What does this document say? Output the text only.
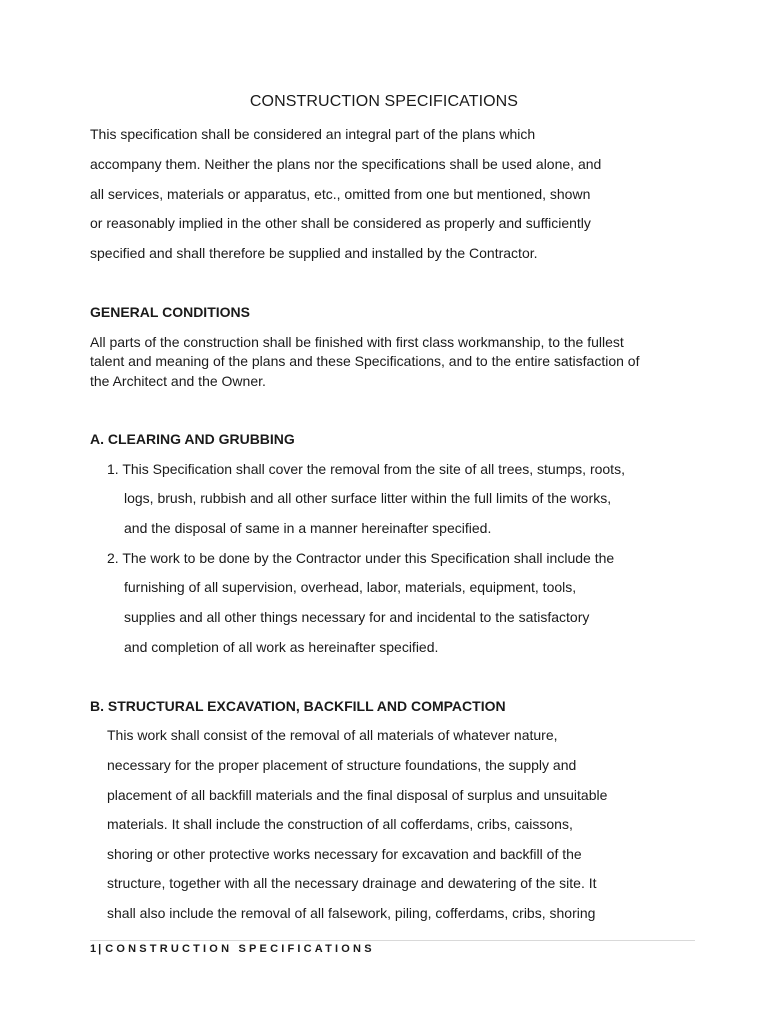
CONSTRUCTION SPECIFICATIONS
This specification shall be considered an integral part of the plans which
accompany them. Neither the plans nor the specifications shall be used alone, and
all services, materials or apparatus, etc., omitted from one but mentioned, shown
or reasonably implied in the other shall be considered as properly and sufficiently
specified and shall therefore be supplied and installed by the Contractor.
GENERAL CONDITIONS
All parts of the construction shall be finished with first class workmanship, to the fullest
talent and meaning of the plans and these Specifications, and to the entire satisfaction of
the Architect and the Owner.
A. CLEARING AND GRUBBING
1. This Specification shall cover the removal from the site of all trees, stumps, roots,
logs, brush, rubbish and all other surface litter within the full limits of the works,
and the disposal of same in a manner hereinafter specified.
2. The work to be done by the Contractor under this Specification shall include the
furnishing of all supervision, overhead, labor, materials, equipment, tools,
supplies and all other things necessary for and incidental to the satisfactory
and completion of all work as hereinafter specified.
B. STRUCTURAL EXCAVATION, BACKFILL AND COMPACTION
This work shall consist of the removal of all materials of whatever nature,
necessary for the proper placement of structure foundations, the supply and
placement of all backfill materials and the final disposal of surplus and unsuitable
materials. It shall include the construction of all cofferdams, cribs, caissons,
shoring or other protective works necessary for excavation and backfill of the
structure, together with all the necessary drainage and dewatering of the site. It
shall also include the removal of all falsework, piling, cofferdams, cribs, shoring
1 | CONSTRUCTION SPECIFICATIONS
